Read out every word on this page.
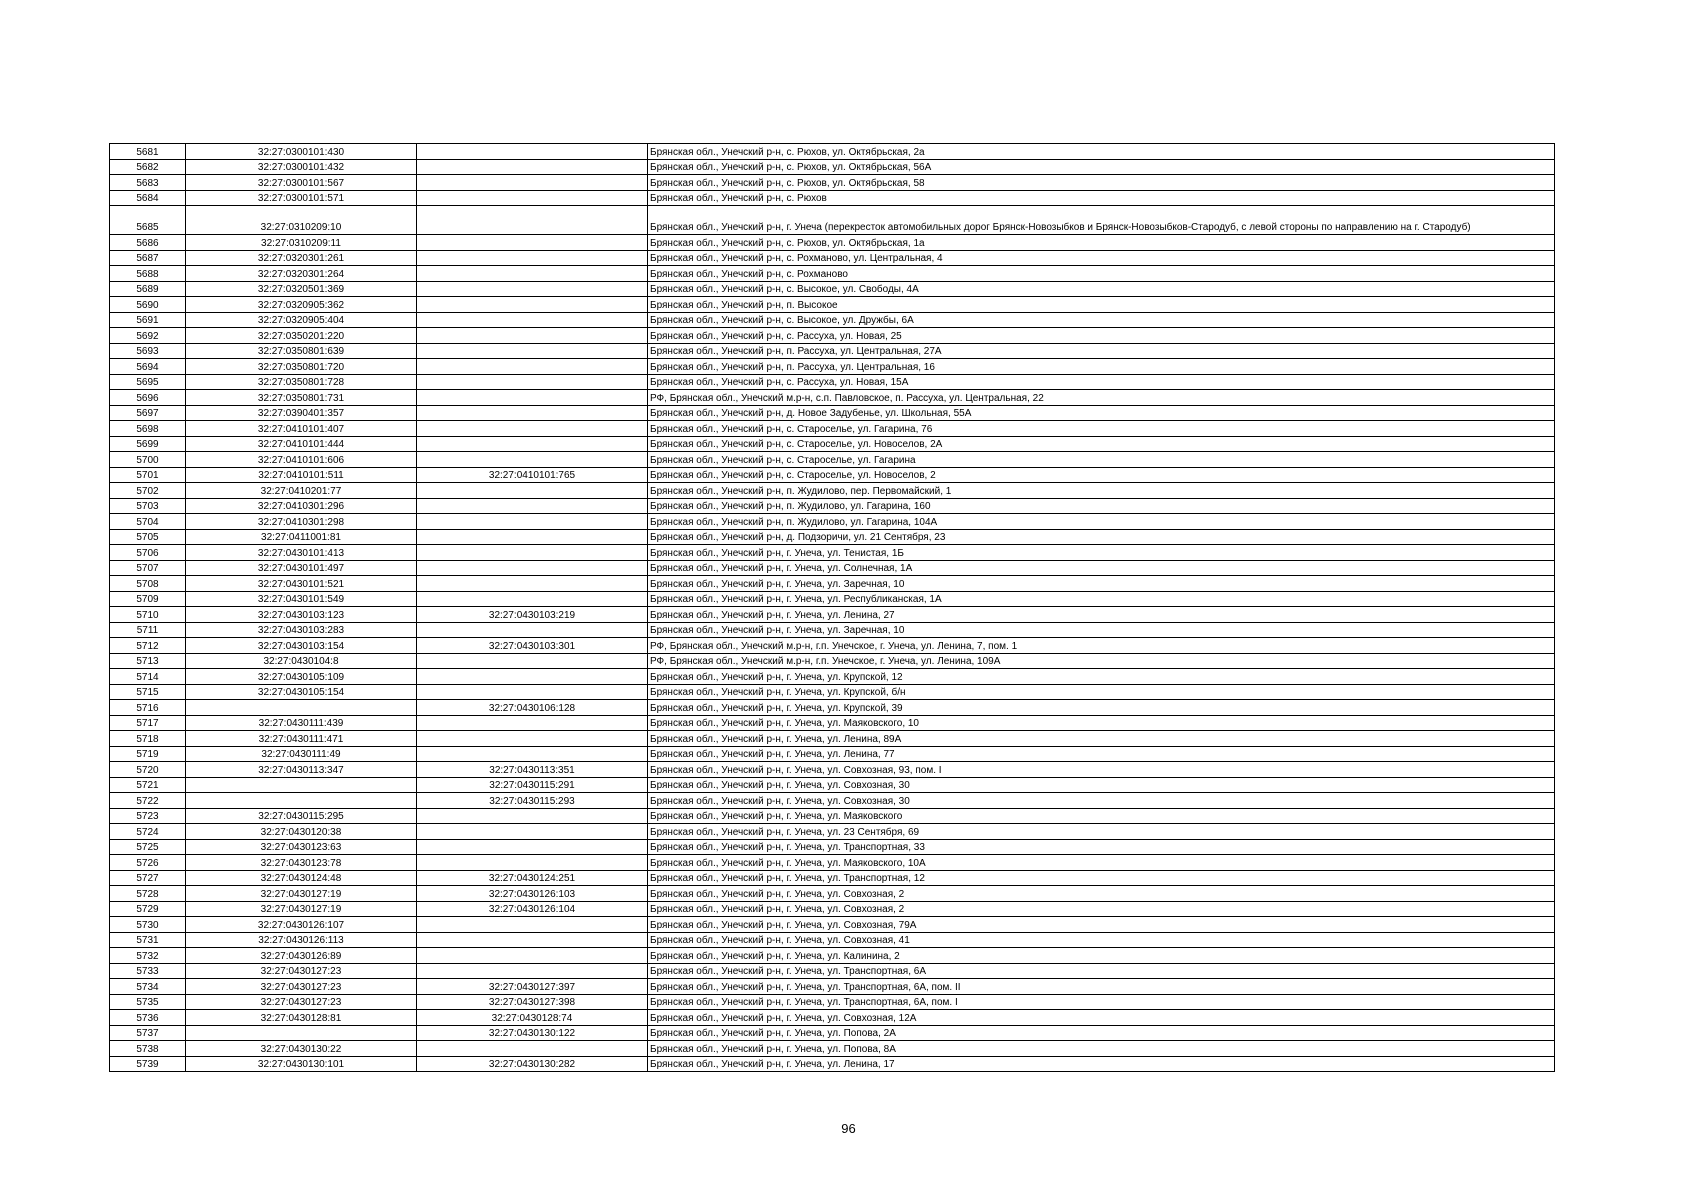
5681	32:27:0300101:430		Брянская обл., Унечский р-н, с. Рюхов, ул. Октябрьская, 2а
5682	32:27:0300101:432		Брянская обл., Унечский р-н, с. Рюхов, ул. Октябрьская, 56А
5683	32:27:0300101:567		Брянская обл., Унечский р-н, с. Рюхов, ул. Октябрьская, 58
5684	32:27:0300101:571		Брянская обл., Унечский р-н, с. Рюхов
5685	32:27:0310209:10		Брянская обл., Унечский р-н, г. Унеча (перекресток автомобильных дорог Брянск-Новозыбков и Брянск-Новозыбков-Стародуб, с левой стороны по направлению на г. Стародуб)
5686	32:27:0310209:11		Брянская обл., Унечский р-н, с. Рюхов, ул. Октябрьская, 1а
5687	32:27:0320301:261		Брянская обл., Унечский р-н, с. Рохманово, ул. Центральная, 4
5688	32:27:0320301:264		Брянская обл., Унечский р-н, с. Рохманово
5689	32:27:0320501:369		Брянская обл., Унечский р-н, с. Высокое, ул. Свободы, 4А
5690	32:27:0320905:362		Брянская обл., Унечский р-н, п. Высокое
5691	32:27:0320905:404		Брянская обл., Унечский р-н, с. Высокое, ул. Дружбы, 6А
5692	32:27:0350201:220		Брянская обл., Унечский р-н, с. Рассуха, ул. Новая, 25
5693	32:27:0350801:639		Брянская обл., Унечский р-н, п. Рассуха, ул. Центральная, 27А
5694	32:27:0350801:720		Брянская обл., Унечский р-н, п. Рассуха, ул. Центральная, 16
5695	32:27:0350801:728		Брянская обл., Унечский р-н, с. Рассуха, ул. Новая, 15А
5696	32:27:0350801:731		РФ, Брянская обл., Унечский м.р-н, с.п. Павловское, п. Рассуха, ул. Центральная, 22
5697	32:27:0390401:357		Брянская обл., Унечский р-н, д. Новое Задубенье, ул. Школьная, 55А
5698	32:27:0410101:407		Брянская обл., Унечский р-н, с. Староселье, ул. Гагарина, 76
5699	32:27:0410101:444		Брянская обл., Унечский р-н, с. Староселье, ул. Новоселов, 2А
5700	32:27:0410101:606		Брянская обл., Унечский р-н, с. Староселье, ул. Гагарина
5701	32:27:0410101:511	32:27:0410101:765	Брянская обл., Унечский р-н, с. Староселье, ул. Новоселов, 2
5702	32:27:0410201:77		Брянская обл., Унечский р-н, п. Жудилово, пер. Первомайский, 1
5703	32:27:0410301:296		Брянская обл., Унечский р-н, п. Жудилово, ул. Гагарина, 160
5704	32:27:0410301:298		Брянская обл., Унечский р-н, п. Жудилово, ул. Гагарина, 104А
5705	32:27:0411001:81		Брянская обл., Унечский р-н, д. Подзоричи, ул. 21 Сентября, 23
5706	32:27:0430101:413		Брянская обл., Унечский р-н, г. Унеча, ул. Тенистая, 1Б
5707	32:27:0430101:497		Брянская обл., Унечский р-н, г. Унеча, ул. Солнечная, 1А
5708	32:27:0430101:521		Брянская обл., Унечский р-н, г. Унеча, ул. Заречная, 10
5709	32:27:0430101:549		Брянская обл., Унечский р-н, г. Унеча, ул. Республиканская, 1А
5710	32:27:0430103:123	32:27:0430103:219	Брянская обл., Унечский р-н, г. Унеча, ул. Ленина, 27
5711	32:27:0430103:283		Брянская обл., Унечский р-н, г. Унеча, ул. Заречная, 10
5712	32:27:0430103:154	32:27:0430103:301	РФ, Брянская обл., Унечский м.р-н, г.п. Унечское, г. Унеча, ул. Ленина, 7, пом. 1
5713	32:27:0430104:8		РФ, Брянская обл., Унечский м.р-н, г.п. Унечское, г. Унеча, ул. Ленина, 109А
5714	32:27:0430105:109		Брянская обл., Унечский р-н, г. Унеча, ул. Крупской, 12
5715	32:27:0430105:154		Брянская обл., Унечский р-н, г. Унеча, ул. Крупской, б/н
5716		32:27:0430106:128	Брянская обл., Унечский р-н, г. Унеча, ул. Крупской, 39
5717	32:27:0430111:439		Брянская обл., Унечский р-н, г. Унеча, ул. Маяковского, 10
5718	32:27:0430111:471		Брянская обл., Унечский р-н, г. Унеча, ул. Ленина, 89А
5719	32:27:0430111:49		Брянская обл., Унечский р-н, г. Унеча, ул. Ленина, 77
5720	32:27:0430113:347	32:27:0430113:351	Брянская обл., Унечский р-н, г. Унеча, ул. Совхозная, 93, пом. I
5721		32:27:0430115:291	Брянская обл., Унечский р-н, г. Унеча, ул. Совхозная, 30
5722		32:27:0430115:293	Брянская обл., Унечский р-н, г. Унеча, ул. Совхозная, 30
5723	32:27:0430115:295		Брянская обл., Унечский р-н, г. Унеча, ул. Маяковского
5724	32:27:0430120:38		Брянская обл., Унечский р-н, г. Унеча, ул. 23 Сентября, 69
5725	32:27:0430123:63		Брянская обл., Унечский р-н, г. Унеча, ул. Транспортная, 33
5726	32:27:0430123:78		Брянская обл., Унечский р-н, г. Унеча, ул. Маяковского, 10А
5727	32:27:0430124:48	32:27:0430124:251	Брянская обл., Унечский р-н, г. Унеча, ул. Транспортная, 12
5728	32:27:0430127:19	32:27:0430126:103	Брянская обл., Унечский р-н, г. Унеча, ул. Совхозная, 2
5729	32:27:0430127:19	32:27:0430126:104	Брянская обл., Унечский р-н, г. Унеча, ул. Совхозная, 2
5730	32:27:0430126:107		Брянская обл., Унечский р-н, г. Унеча, ул. Совхозная, 79А
5731	32:27:0430126:113		Брянская обл., Унечский р-н, г. Унеча, ул. Совхозная, 41
5732	32:27:0430126:89		Брянская обл., Унечский р-н, г. Унеча, ул. Калинина, 2
5733	32:27:0430127:23		Брянская обл., Унечский р-н, г. Унеча, ул. Транспортная, 6А
5734	32:27:0430127:23	32:27:0430127:397	Брянская обл., Унечский р-н, г. Унеча, ул. Транспортная, 6А, пом. II
5735	32:27:0430127:23	32:27:0430127:398	Брянская обл., Унечский р-н, г. Унеча, ул. Транспортная, 6А, пом. I
5736	32:27:0430128:81	32:27:0430128:74	Брянская обл., Унечский р-н, г. Унеча, ул. Совхозная, 12А
5737		32:27:0430130:122	Брянская обл., Унечский р-н, г. Унеча, ул. Попова, 2А
5738	32:27:0430130:22		Брянская обл., Унечский р-н, г. Унеча, ул. Попова, 8А
5739	32:27:0430130:101	32:27:0430130:282	Брянская обл., Унечский р-н, г. Унеча, ул. Ленина, 17
96
